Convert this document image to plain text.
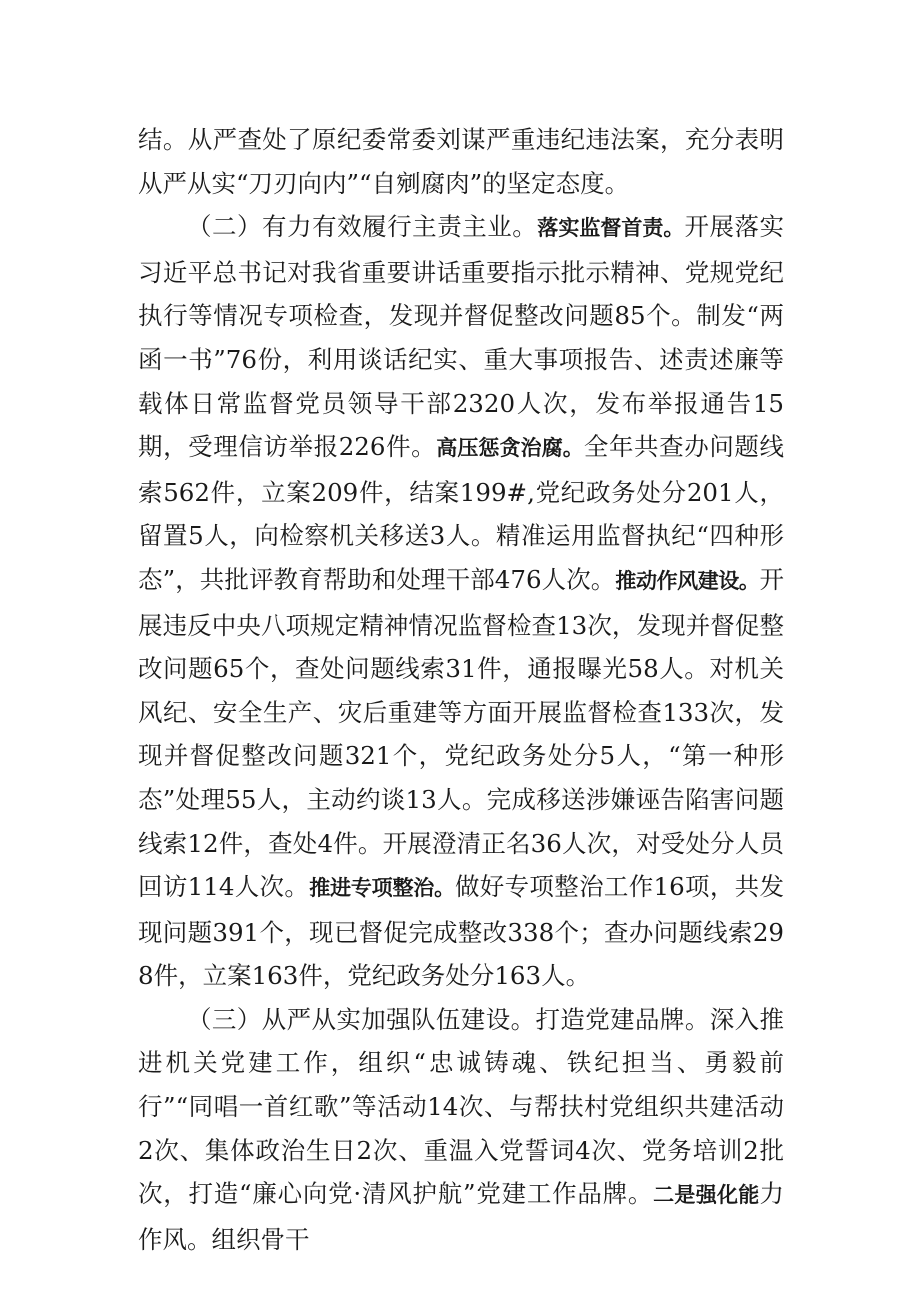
结。从严查处了原纪委常委刘谋严重违纪违法案，充分表明从严从实“刀刃向内”“自剜腐肉”的坚定态度。

（二）有力有效履行主责主业。落实监督首责。开展落实习近平总书记对我省重要讲话重要指示批示精神、党规党纪执行等情况专项检查，发现并督促整改问题85个。制发“两函一书”76份，利用谈话纪实、重大事项报告、述责述廉等载体日常监督党员领导干部2320人次，发布举报通告15期，受理信访举报226件。高压惩贪治腐。全年共查办问题线索562件，立案209件，结案199#,党纪政务处分201人，留置5人，向检察机关移送3人。精准运用监督执纪“四种形态”，共批评教育帮助和处理干部476人次。推动作风建设。开展违反中央八项规定精神情况监督检查13次，发现并督促整改问题65个，查处问题线索31件，通报曝光58人。对机关风纪、安全生产、灾后重建等方面开展监督检查133次，发现并督促整改问题321个，党纪政务处分5人，“第一种形态”处理55人，主动约谈13人。完成移送涉嫌诬告陷害问题线索12件，查处4件。开展澄清正名36人次，对受处分人员回访114人次。推进专项整治。做好专项整治工作16项，共发现问题391个，现已督促完成整改338个；查办问题线索298件，立案163件，党纪政务处分163人。

（三）从严从实加强队伍建设。打造党建品牌。深入推进机关党建工作，组织“忠诚铸魂、铁纪担当、勇毅前行”“同唱一首红歌”等活动14次、与帮扶村党组织共建活动2次、集体政治生日2次、重温入党誓词4次、党务培训2批次，打造“廉心向党·清风护航”党建工作品牌。二是强化能力作风。组织骨干
